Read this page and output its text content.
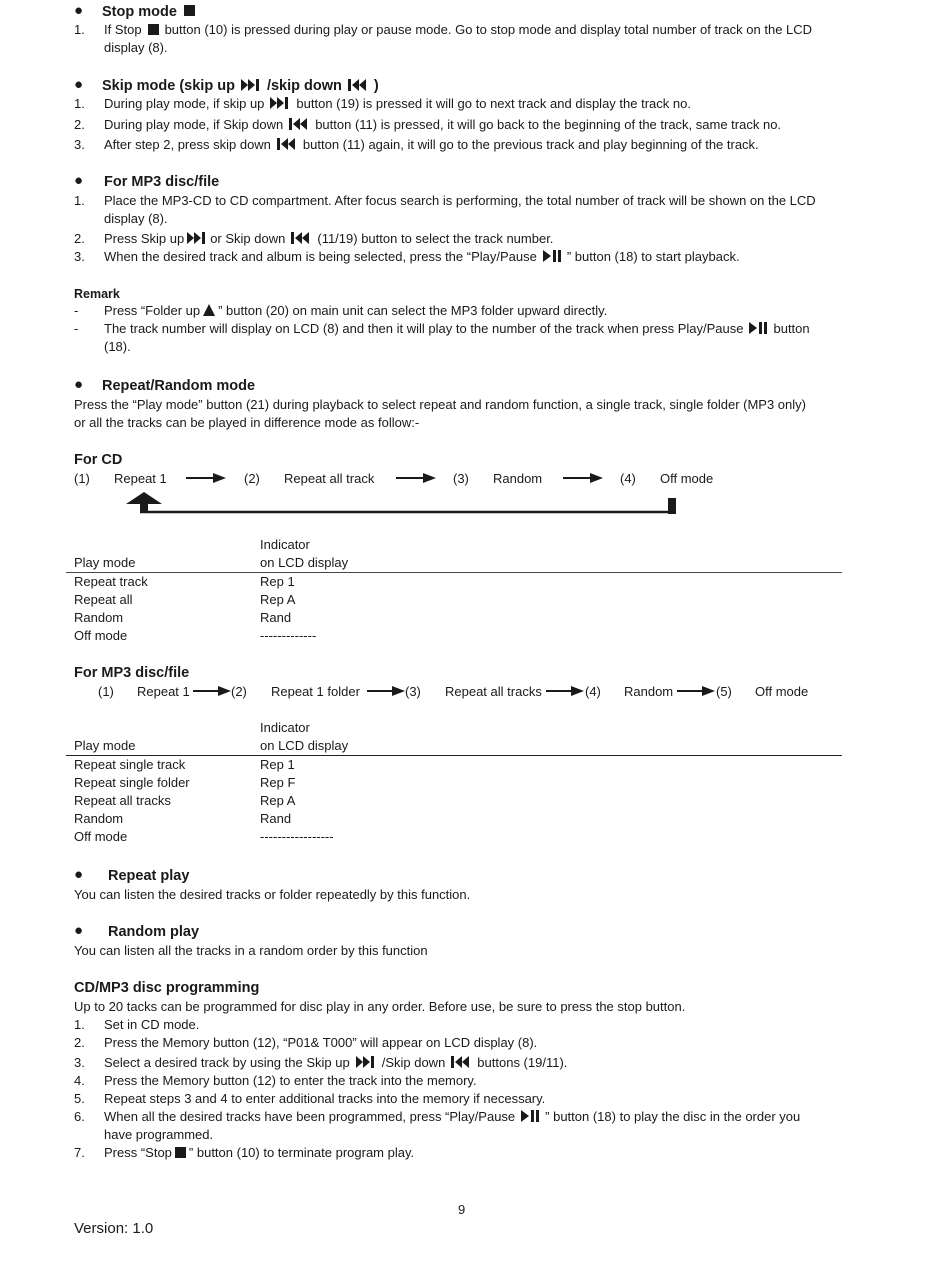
● Stop mode
1. If Stop button (10) is pressed during play or pause mode. Go to stop mode and display total number of track on the LCD
display (8).
● Skip mode (skip up /skip down )
1. During play mode, if skip up button (19) is pressed it will go to next track and display the track no.
2. During play mode, if Skip down button (11) is pressed, it will go back to the beginning of the track, same track no.
3. After step 2, press skip down button (11) again, it will go to the previous track and play beginning of the track.
● For MP3 disc/file
1. Place the MP3-CD to CD compartment. After focus search is performing, the total number of track will be shown on the LCD
display (8).
2. Press Skip up or Skip down (11/19) button to select the track number.
3. When the desired track and album is being selected, press the “Play/Pause ” button (18) to start playback.
Remark
- Press “Folder up ” button (20) on main unit can select the MP3 folder upward directly.
- The track number will display on LCD (8) and then it will play to the number of the track when press Play/Pause button
(18).
● Repeat/Random mode
Press the “Play mode” button (21) during playback to select repeat and random function, a single track, single folder (MP3 only)
or all the tracks can be played in difference mode as follow:-
For CD
(1) Repeat 1	(2) Repeat all track	(3) Random	(4) Off mode
Indicator
Play mode	on LCD display
Repeat track	Rep 1
Repeat all	Rep A
Random	Rand
Off mode	-------------
For MP3 disc/file
(1) Repeat 1	(2) Repeat 1 folder	(3) Repeat all tracks	(4) Random	(5) Off mode
Indicator
Play mode	on LCD display
Repeat single track	Rep 1
Repeat single folder	Rep F
Repeat all tracks	Rep A
Random	Rand
Off mode	-----------------
● Repeat play
You can listen the desired tracks or folder repeatedly by this function.
● Random play
You can listen all the tracks in a random order by this function
CD/MP3 disc programming
Up to 20 tacks can be programmed for disc play in any order. Before use, be sure to press the stop button.
1. Set in CD mode.
2. Press the Memory button (12), “P01& T000” will appear on LCD display (8).
3. Select a desired track by using the Skip up /Skip down buttons (19/11).
4. Press the Memory button (12) to enter the track into the memory.
5. Repeat steps 3 and 4 to enter additional tracks into the memory if necessary.
6. When all the desired tracks have been programmed, press “Play/Pause ” button (18) to play the disc in the order you
have programmed.
7. Press “Stop ” button (10) to terminate program play.
9
Version: 1.0
